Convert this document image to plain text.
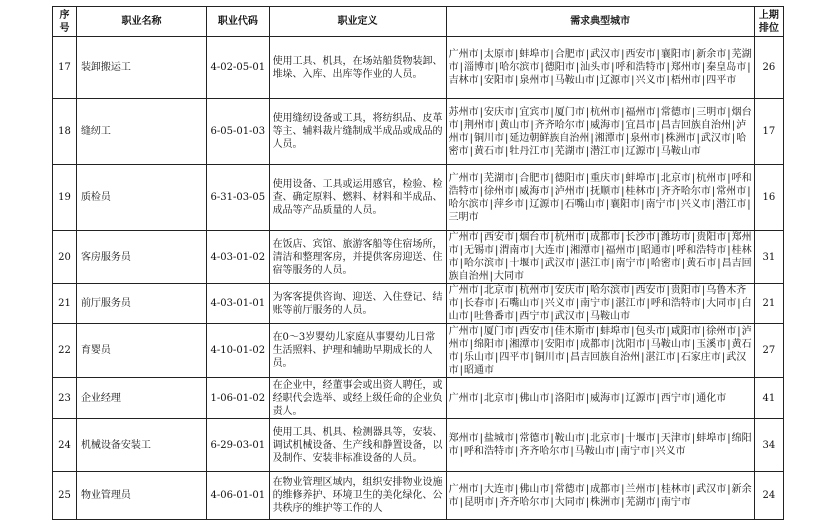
序号	职业名称	职业代码	职业定义	需求典型城市	上期排位
17	装卸搬运工	4-02-05-01	使用工具、机具，在场站船货物装卸、堆垛、入库、出库等作业的人员。	广州市|太原市|蚌埠市|合肥市|武汉市|西安市|襄阳市|新余市|芜湖市|淄博市|哈尔滨市|德阳市|汕头市|呼和浩特市|郑州市|秦皇岛市|吉林市|安阳市|泉州市|马鞍山市|辽源市|兴义市|梧州市|四平市	26
18	缝纫工	6-05-01-03	使用缝纫设备或工具，将纺织品、皮革等主、辅料裁片缝制成半成品或成品的人员。	苏州市|安庆市|宜宾市|厦门市|杭州市|福州市|常德市|三明市|烟台市|荆州市|黄山市|齐齐哈尔市|威海市|宜昌市|昌吉回族自治州|泸州市|铜川市|延边朝鲜族自治州|湘潭市|泉州市|株洲市|武汉市|哈密市|黄石市|牡丹江市|芜湖市|潜江市|辽源市|马鞍山市	17
19	质检员	6-31-03-05	使用设备、工具或运用感官，检验、检查、确定原料、燃料、材料和半成品、成品等产品质量的人员。	广州市|芜湖市|合肥市|德阳市|重庆市|蚌埠市|北京市|杭州市|呼和浩特市|徐州市|威海市|泸州市|抚顺市|桂林市|齐齐哈尔市|常州市|哈尔滨市|萍乡市|辽源市|石嘴山市|襄阳市|南宁市|兴义市|潜江市|三明市	16
20	客房服务员	4-03-01-02	在饭店、宾馆、旅游客船等住宿场所，清洁和整理客房，并提供客房迎送、住宿等服务的人员。	广州市|西安市|烟台市|杭州市|成都市|长沙市|潍坊市|贵阳市|郑州市|无锡市|渭南市|大连市|湘潭市|福州市|昭通市|呼和浩特市|桂林市|哈尔滨市|十堰市|武汉市|湛江市|南宁市|哈密市|黄石市|昌吉回族自治州|大同市	31
21	前厅服务员	4-03-01-01	为客客提供咨询、迎送、入住登记、结账等前厅服务的人员。	广州市|北京市|杭州市|安庆市|哈尔滨市|西安市|贵阳市|乌鲁木齐市|长春市|石嘴山市|兴义市|南宁市|湛江市|呼和浩特市|大同市|白山市|吐鲁番市|西宁市|武汉市|马鞍山市	21
22	育婴员	4-10-01-02	在0～3岁婴幼儿家庭从事婴幼儿日常生活照料、护理和辅助早期成长的人员。	广州市|厦门市|西安市|佳木斯市|蚌埠市|包头市|咸阳市|徐州市|泸州市|绵阳市|湘潭市|安阳市|成都市|沈阳市|马鞍山市|玉溪市|黄石市|乐山市|四平市|铜川市|昌吉回族自治州|湛江市|石家庄市|武汉市|昭通市	27
23	企业经理	1-06-01-02	在企业中，经董事会或出资人聘任，或经职代会选举、或经上级任命的企业负责人。	广州市|北京市|佛山市|洛阳市|威海市|辽源市|西宁市|通化市	41
24	机械设备安装工	6-29-03-01	使用工具、机具、检测器具等，安装、调试机械设备、生产线和静置设备，以及制作、安装非标准设备的人员。	郑州市|盐城市|常德市|鞍山市|北京市|十堰市|天津市|蚌埠市|绵阳市|呼和浩特市|齐齐哈尔市|马鞍山市|南宁市|兴义市	34
25	物业管理员	4-06-01-01	在物业管理区域内，组织安排物业设施的维修养护、环境卫生的美化绿化、公共秩序的维护等工作的人	广州市|大连市|佛山市|常德市|成都市|兰州市|桂林市|武汉市|新余市|昆明市|齐齐哈尔市|大同市|株洲市|芜湖市|南宁市	24
